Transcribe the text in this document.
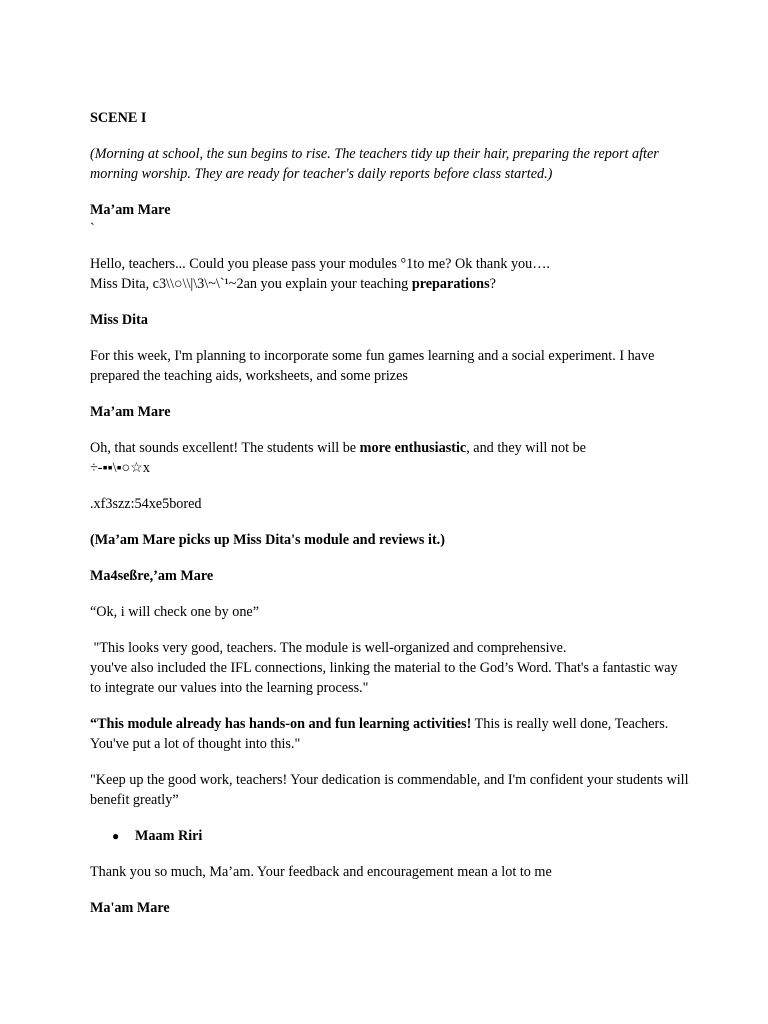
SCENE I

(Morning at school, the sun begins to rise. The teachers tidy up their hair, preparing the report after morning worship. They are ready for teacher's daily reports before class started.)

Ma’am Mare

`

Hello, teachers... Could you please pass your modules °1to me? Ok thank you….

Miss Dita, c3\\○\\|\3\~\`¹~2an you explain your teaching preparations?

Miss Dita

For this week, I'm planning to incorporate some fun games learning and a social experiment. I have prepared the teaching aids, worksheets, and some prizes

Ma’am Mare

Oh, that sounds excellent! The students will be more enthusiastic, and they will not be

÷-▪▪\▪○☆x

.xf3szz:54xe5bored

(Ma’am Mare picks up Miss Dita's module and reviews it.)

Ma4seßre,’am Mare

“Ok, i will check one by one”

"This looks very good, teachers. The module is well-organized and comprehensive.

you've also included the IFL connections, linking the material to the God’s Word. That's a fantastic way to integrate our values into the learning process."

“This module already has hands-on and fun learning activities! This is really well done, Teachers. You've put a lot of thought into this."

"Keep up the good work, teachers! Your dedication is commendable, and I'm confident your students will benefit greatly”

● Maam Riri

Thank you so much, Ma’am. Your feedback and encouragement mean a lot to me

Ma'am Mare
